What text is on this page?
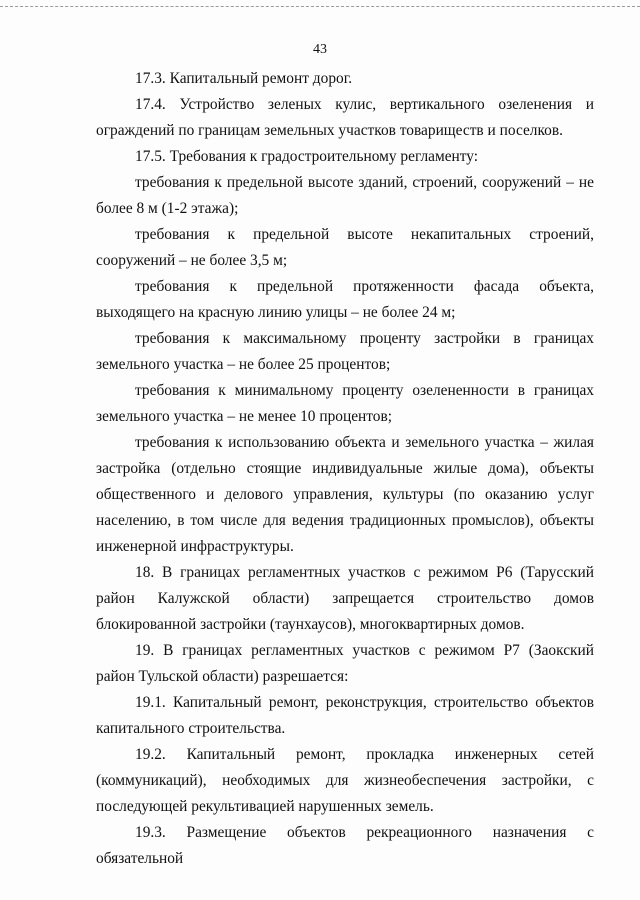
43

17.3. Капитальный ремонт дорог.

17.4. Устройство зеленых кулис, вертикального озеленения и ограждений по границам земельных участков товариществ и поселков.

17.5. Требования к градостроительному регламенту:

требования к предельной высоте зданий, строений, сооружений – не более 8 м (1-2 этажа);

требования к предельной высоте некапитальных строений, сооружений – не более 3,5 м;

требования к предельной протяженности фасада объекта, выходящего на красную линию улицы – не более 24 м;

требования к максимальному проценту застройки в границах земельного участка – не более 25 процентов;

требования к минимальному проценту озелененности в границах земельного участка – не менее 10 процентов;

требования к использованию объекта и земельного участка – жилая застройка (отдельно стоящие индивидуальные жилые дома), объекты общественного и делового управления, культуры (по оказанию услуг населению, в том числе для ведения традиционных промыслов), объекты инженерной инфраструктуры.

18. В границах регламентных участков с режимом Р6 (Тарусский район Калужской области) запрещается строительство домов блокированной застройки (таунхаусов), многоквартирных домов.

19. В границах регламентных участков с режимом Р7 (Заокский район Тульской области) разрешается:

19.1. Капитальный ремонт, реконструкция, строительство объектов капитального строительства.

19.2. Капитальный ремонт, прокладка инженерных сетей (коммуникаций), необходимых для жизнеобеспечения застройки, с последующей рекультивацией нарушенных земель.

19.3. Размещение объектов рекреационного назначения с обязательной
